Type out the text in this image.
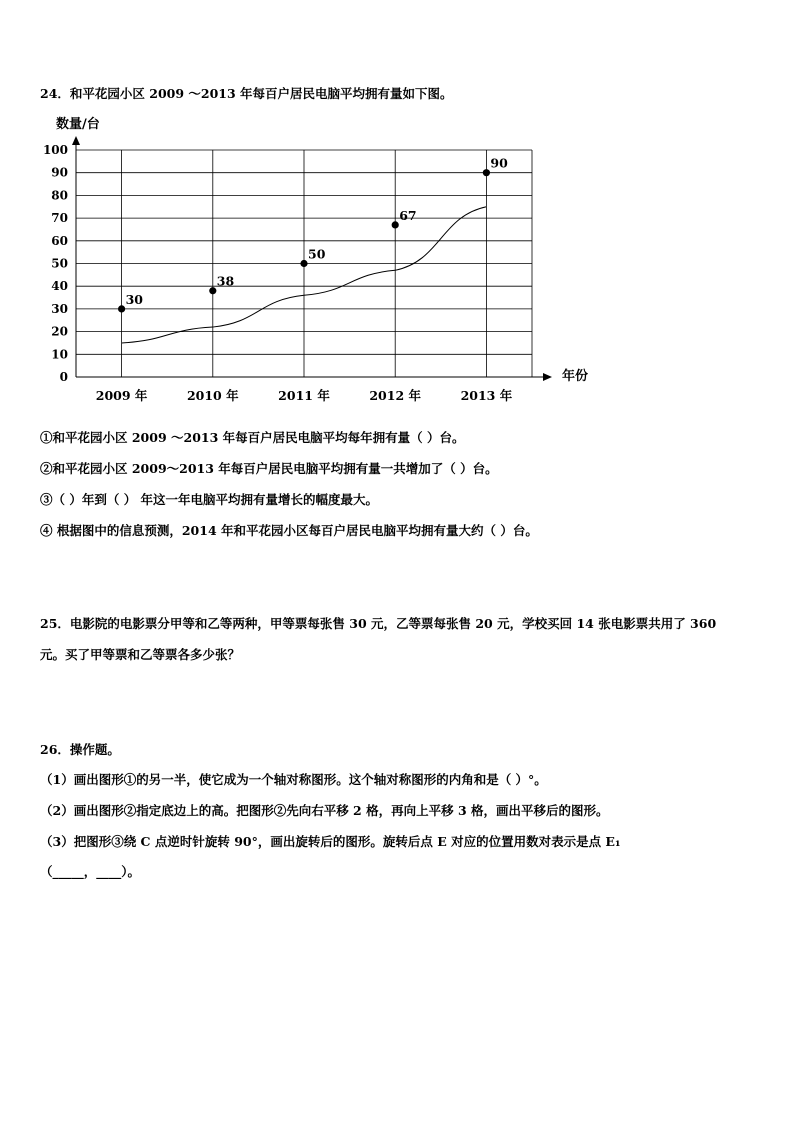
24．和平花园小区 2009 ～2013 年每百户居民电脑平均拥有量如下图。
0
10
20
30
40
50
60
70
80
90
100
2009 年	2010 年	2011 年	2012 年	2013 年
30
38
50
67
90
数量/台
年份
①和平花园小区 2009 ～2013 年每百户居民电脑平均每年拥有量（ ）台。
②和平花园小区 2009～2013 年每百户居民电脑平均拥有量一共增加了（ ）台。
③（ ）年到（ ） 年这一年电脑平均拥有量增长的幅度最大。
④ 根据图中的信息预测，2014 年和平花园小区每百户居民电脑平均拥有量大约（ ）台。
25．电影院的电影票分甲等和乙等两种，甲等票每张售 30 元，乙等票每张售 20 元，学校买回 14 张电影票共用了 360
元。买了甲等票和乙等票各多少张？
26．操作题。
（1）画出图形①的另一半，使它成为一个轴对称图形。这个轴对称图形的内角和是（ ）°。
（2）画出图形②指定底边上的高。把图形②先向右平移 2 格，再向上平移 3 格，画出平移后的图形。
（3）把图形③绕 C 点逆时针旋转 90°，画出旋转后的图形。旋转后点 E 对应的位置用数对表示是点 E₁
（_____，____）。
